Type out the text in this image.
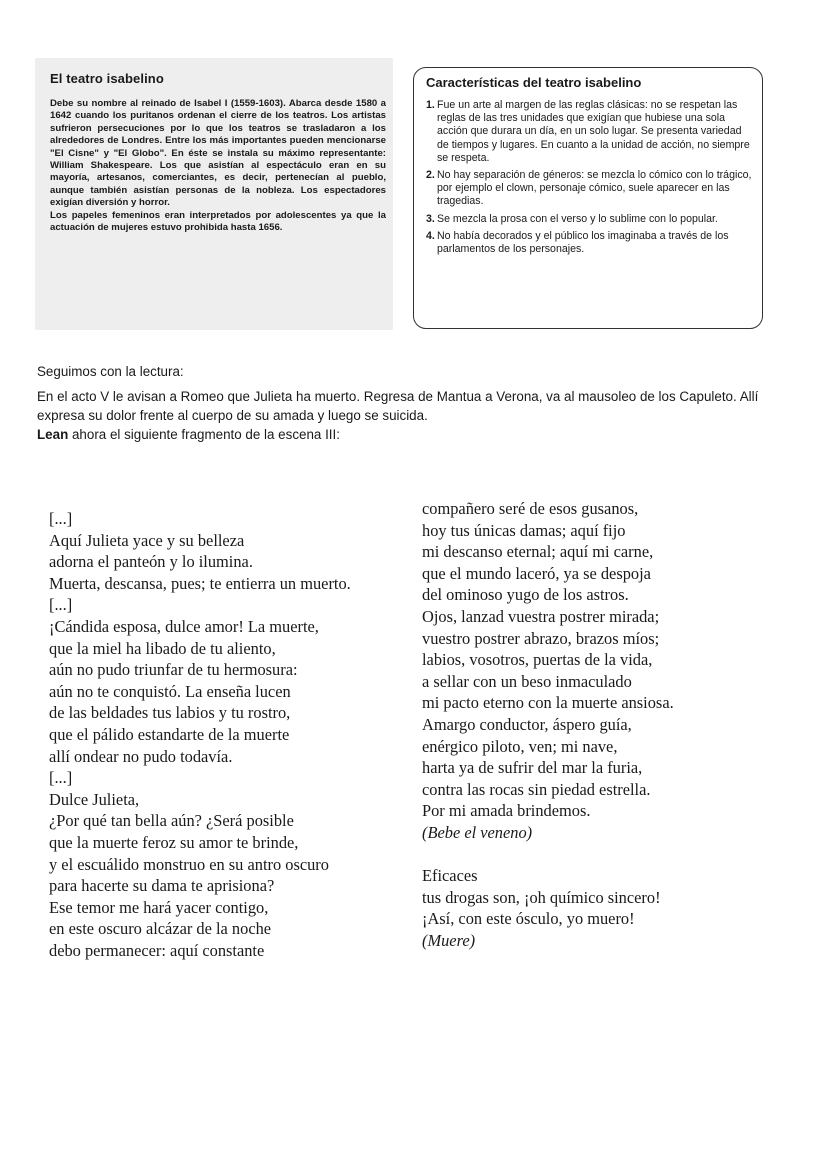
El teatro isabelino

Debe su nombre al reinado de Isabel I (1559-1603). Abarca desde 1580 a 1642 cuando los puritanos ordenan el cierre de los teatros. Los artistas sufrieron persecuciones por lo que los teatros se trasladaron a los alrededores de Londres. Entre los más importantes pueden mencionarse "El Cisne" y "El Globo". En éste se instala su máximo representante: William Shakespeare. Los que asistían al espectáculo eran en su mayoría, artesanos, comerciantes, es decir, pertenecían al pueblo, aunque también asistían personas de la nobleza. Los espectadores exigían diversión y horror.

Los papeles femeninos eran interpretados por adolescentes ya que la actuación de mujeres estuvo prohibida hasta 1656.

Características del teatro isabelino
1. Fue un arte al margen de las reglas clásicas: no se respetan las reglas de las tres unidades que exigían que hubiese una sola acción que durara un día, en un solo lugar. Se presenta variedad de tiempos y lugares. En cuanto a la unidad de acción, no siempre se respeta.
2. No hay separación de géneros: se mezcla lo cómico con lo trágico, por ejemplo el clown, personaje cómico, suele aparecer en las tragedias.
3. Se mezcla la prosa con el verso y lo sublime con lo popular.
4. No había decorados y el público los imaginaba a través de los parlamentos de los personajes.

Seguimos con la lectura:

En el acto V le avisan a Romeo que Julieta ha muerto. Regresa de Mantua a Verona, va al mausoleo de los Capuleto. Allí expresa su dolor frente al cuerpo de su amada y luego se suicida.

Lean ahora el siguiente fragmento de la escena III:

[...]
Aquí Julieta yace y su belleza
adorna el panteón y lo ilumina.
Muerta, descansa, pues; te entierra un muerto.
[...]
¡Cándida esposa, dulce amor! La muerte,
que la miel ha libado de tu aliento,
aún no pudo triunfar de tu hermosura:
aún no te conquistó. La enseña lucen
de las beldades tus labios y tu rostro,
que el pálido estandarte de la muerte
allí ondear no pudo todavía.
[...]
Dulce Julieta,
¿Por qué tan bella aún? ¿Será posible
que la muerte feroz su amor te brinde,
y el escuálido monstruo en su antro oscuro
para hacerte su dama te aprisiona?
Ese temor me hará yacer contigo,
en este oscuro alcázar de la noche
debo permanecer: aquí constante
compañero seré de esos gusanos,
hoy tus únicas damas; aquí fijo
mi descanso eternal; aquí mi carne,
que el mundo laceró, ya se despoja
del ominoso yugo de los astros.
Ojos, lanzad vuestra postrer mirada;
vuestro postrer abrazo, brazos míos;
labios, vosotros, puertas de la vida,
a sellar con un beso inmaculado
mi pacto eterno con la muerte ansiosa.
Amargo conductor, áspero guía,
enérgico piloto, ven; mi nave,
harta ya de sufrir del mar la furia,
contra las rocas sin piedad estrella.
Por mi amada brindemos.
(Bebe el veneno)
Eficaces
tus drogas son, ¡oh químico sincero!
¡Así, con este ósculo, yo muero!
(Muere)
